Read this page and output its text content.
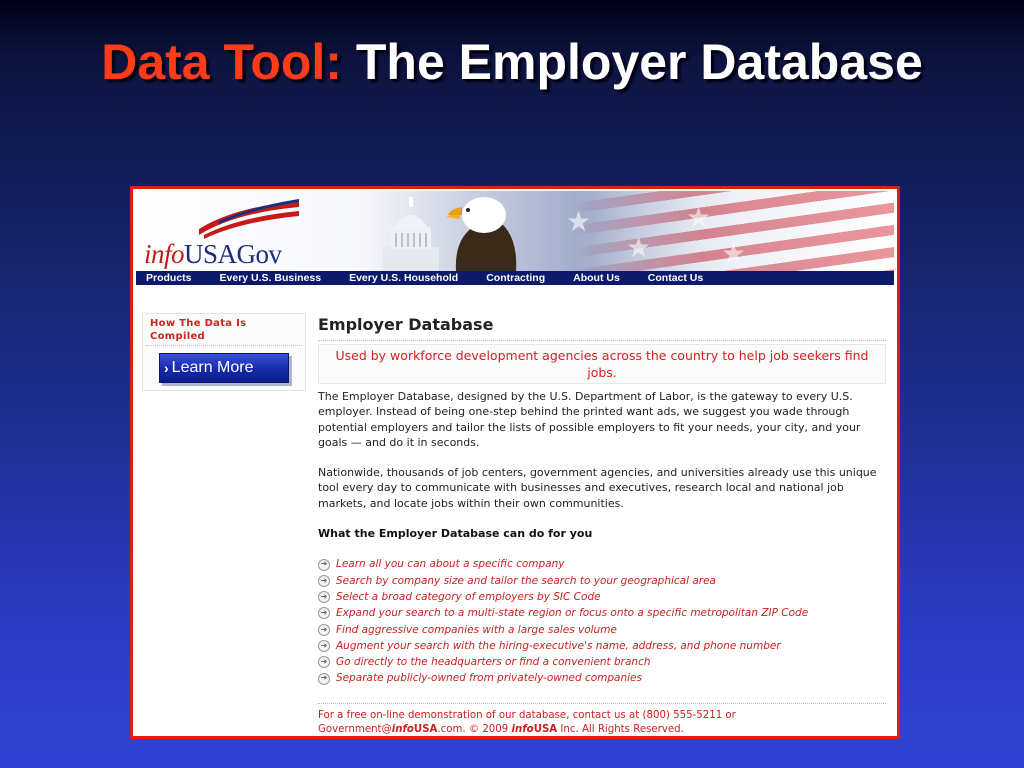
Data Tool: The Employer Database
★
★
★
★
infoUSAGov
Products	Every U.S. Business	Every U.S. Household	Contracting	About Us	Contact Us
How The Data Is Compiled
› Learn More
Employer Database
Used by workforce development agencies across the country to help job seekers find jobs.

The Employer Database, designed by the U.S. Department of Labor, is the gateway to every U.S. employer. Instead of being one-step behind the printed want ads, we suggest you wade through potential employers and tailor the lists of possible employers to fit your needs, your city, and your goals — and do it in seconds.

Nationwide, thousands of job centers, government agencies, and universities already use this unique tool every day to communicate with businesses and executives, research local and national job markets, and locate jobs within their own communities.

What the Employer Database can do for you

➜ Learn all you can about a specific company
➜ Search by company size and tailor the search to your geographical area
➜ Select a broad category of employers by SIC Code
➜ Expand your search to a multi-state region or focus onto a specific metropolitan ZIP Code
➜ Find aggressive companies with a large sales volume
➜ Augment your search with the hiring-executive's name, address, and phone number
➜ Go directly to the headquarters or find a convenient branch
➜ Separate publicly-owned from privately-owned companies
For a free on-line demonstration of our database, contact us at (800) 555-5211 or
Government@infoUSA.com. © 2009 infoUSA Inc. All Rights Reserved.
